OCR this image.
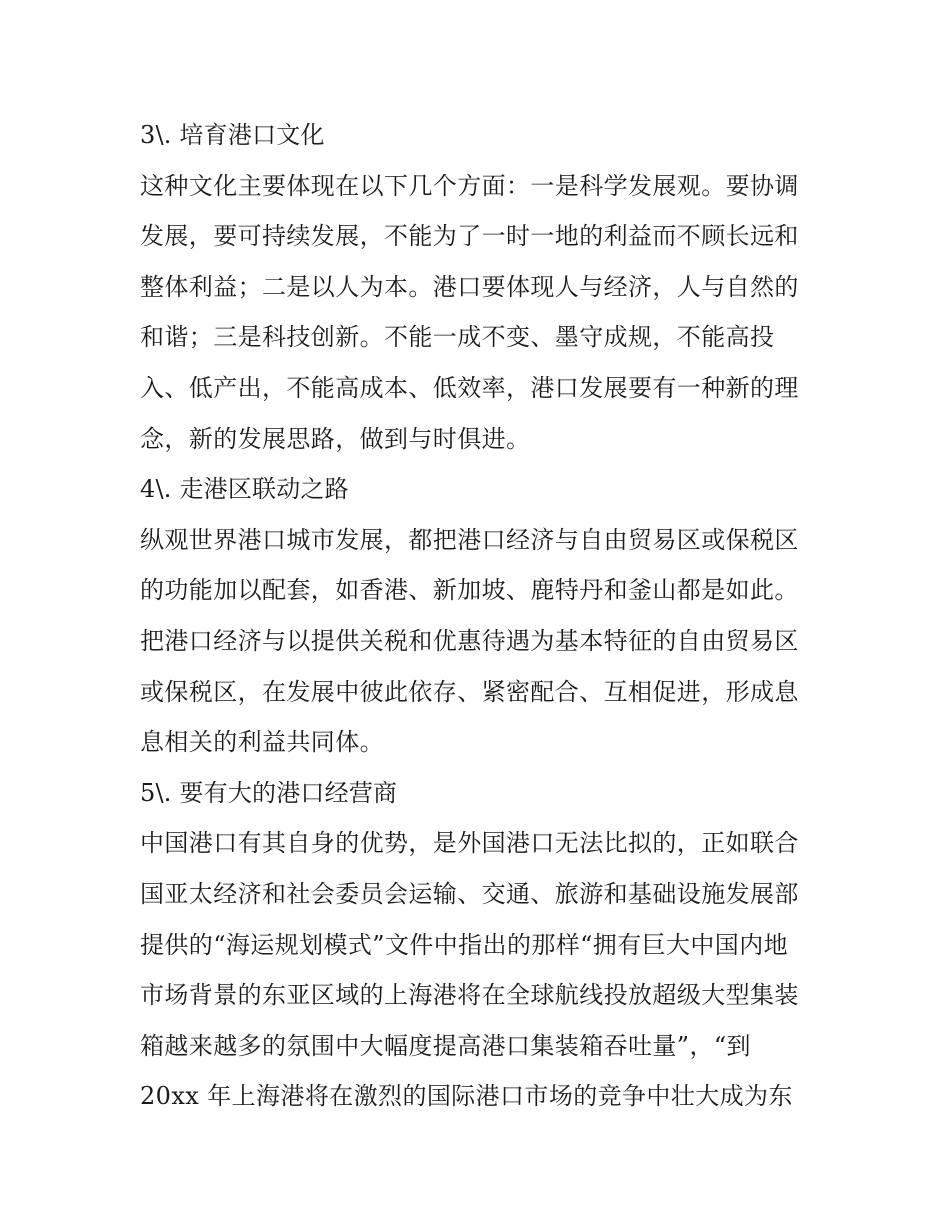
3\. 培育港口文化
这种文化主要体现在以下几个方面：一是科学发展观。要协调
发展，要可持续发展，不能为了一时一地的利益而不顾长远和
整体利益；二是以人为本。港口要体现人与经济，人与自然的
和谐；三是科技创新。不能一成不变、墨守成规，不能高投
入、低产出，不能高成本、低效率，港口发展要有一种新的理
念，新的发展思路，做到与时俱进。
4\. 走港区联动之路
纵观世界港口城市发展，都把港口经济与自由贸易区或保税区
的功能加以配套，如香港、新加坡、鹿特丹和釜山都是如此。
把港口经济与以提供关税和优惠待遇为基本特征的自由贸易区
或保税区，在发展中彼此依存、紧密配合、互相促进，形成息
息相关的利益共同体。
5\. 要有大的港口经营商
中国港口有其自身的优势，是外国港口无法比拟的，正如联合
国亚太经济和社会委员会运输、交通、旅游和基础设施发展部
提供的“海运规划模式”文件中指出的那样“拥有巨大中国内地
市场背景的东亚区域的上海港将在全球航线投放超级大型集装
箱越来越多的氛围中大幅度提高港口集装箱吞吐量”，“到
20xx 年上海港将在激烈的国际港口市场的竞争中壮大成为东
